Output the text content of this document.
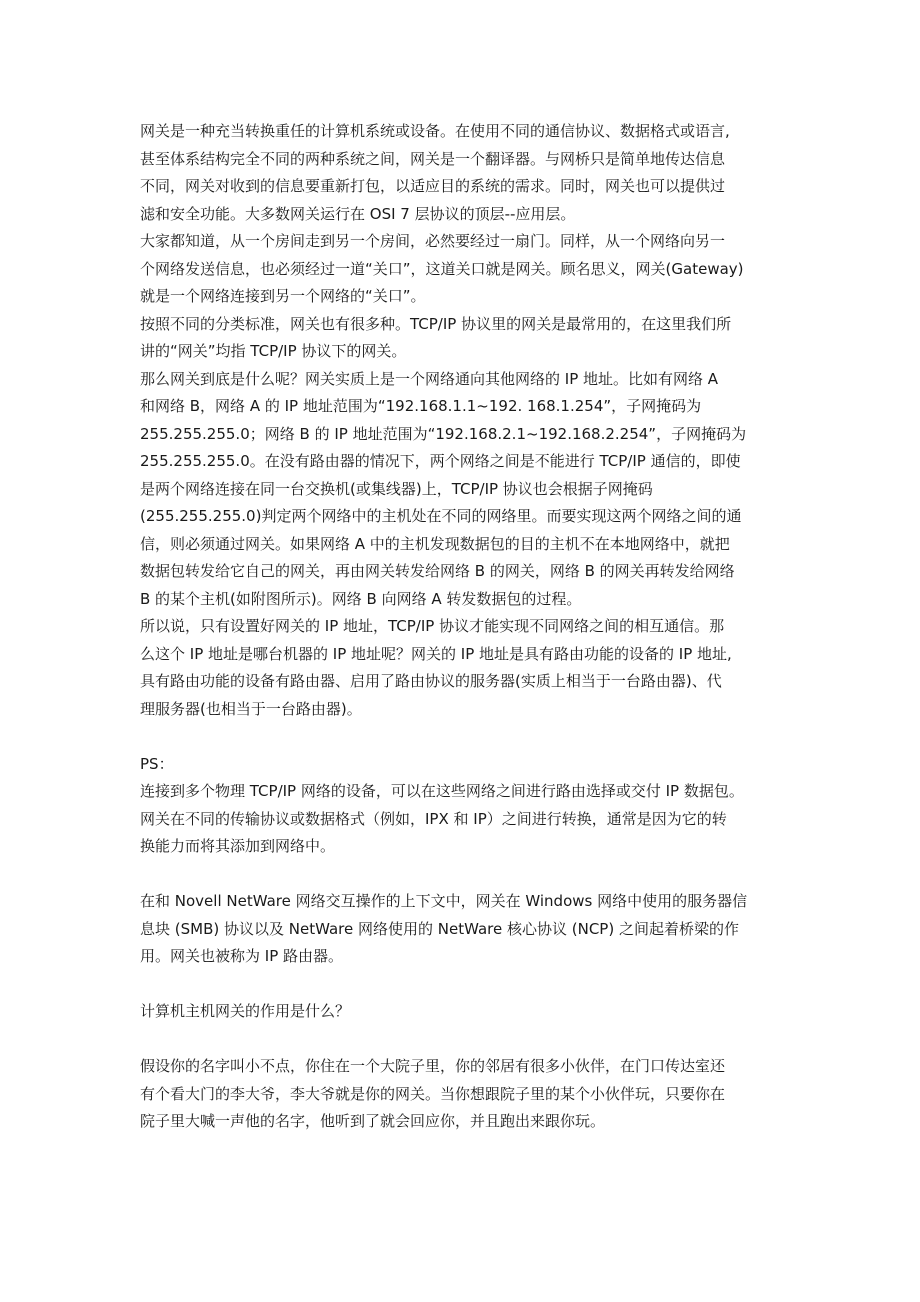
网关是一种充当转换重任的计算机系统或设备。在使用不同的通信协议、数据格式或语言,
甚至体系结构完全不同的两种系统之间，网关是一个翻译器。与网桥只是简单地传达信息
不同，网关对收到的信息要重新打包，以适应目的系统的需求。同时，网关也可以提供过
滤和安全功能。大多数网关运行在 OSI 7 层协议的顶层--应用层。
大家都知道，从一个房间走到另一个房间，必然要经过一扇门。同样，从一个网络向另一
个网络发送信息，也必须经过一道“关口”，这道关口就是网关。顾名思义，网关(Gateway)
就是一个网络连接到另一个网络的“关口”。
按照不同的分类标准，网关也有很多种。TCP/IP 协议里的网关是最常用的，在这里我们所
讲的“网关”均指 TCP/IP 协议下的网关。
那么网关到底是什么呢？网关实质上是一个网络通向其他网络的 IP 地址。比如有网络 A
和网络 B，网络 A 的 IP 地址范围为“192.168.1.1~192. 168.1.254”，子网掩码为
255.255.255.0；网络 B 的 IP 地址范围为“192.168.2.1~192.168.2.254”，子网掩码为
255.255.255.0。在没有路由器的情况下，两个网络之间是不能进行 TCP/IP 通信的，即使
是两个网络连接在同一台交换机(或集线器)上，TCP/IP 协议也会根据子网掩码
(255.255.255.0)判定两个网络中的主机处在不同的网络里。而要实现这两个网络之间的通
信，则必须通过网关。如果网络 A 中的主机发现数据包的目的主机不在本地网络中，就把
数据包转发给它自己的网关，再由网关转发给网络 B 的网关，网络 B 的网关再转发给网络
B 的某个主机(如附图所示)。网络 B 向网络 A 转发数据包的过程。
所以说，只有设置好网关的 IP 地址，TCP/IP 协议才能实现不同网络之间的相互通信。那
么这个 IP 地址是哪台机器的 IP 地址呢？网关的 IP 地址是具有路由功能的设备的 IP 地址,
具有路由功能的设备有路由器、启用了路由协议的服务器(实质上相当于一台路由器)、代
理服务器(也相当于一台路由器)。
PS：
连接到多个物理 TCP/IP 网络的设备，可以在这些网络之间进行路由选择或交付 IP 数据包。
网关在不同的传输协议或数据格式（例如，IPX 和 IP）之间进行转换，通常是因为它的转
换能力而将其添加到网络中。
在和 Novell NetWare 网络交互操作的上下文中，网关在 Windows 网络中使用的服务器信
息块 (SMB) 协议以及 NetWare 网络使用的 NetWare 核心协议 (NCP) 之间起着桥梁的作
用。网关也被称为 IP 路由器。
计算机主机网关的作用是什么？
假设你的名字叫小不点，你住在一个大院子里，你的邻居有很多小伙伴，在门口传达室还
有个看大门的李大爷，李大爷就是你的网关。当你想跟院子里的某个小伙伴玩，只要你在
院子里大喊一声他的名字，他听到了就会回应你，并且跑出来跟你玩。
